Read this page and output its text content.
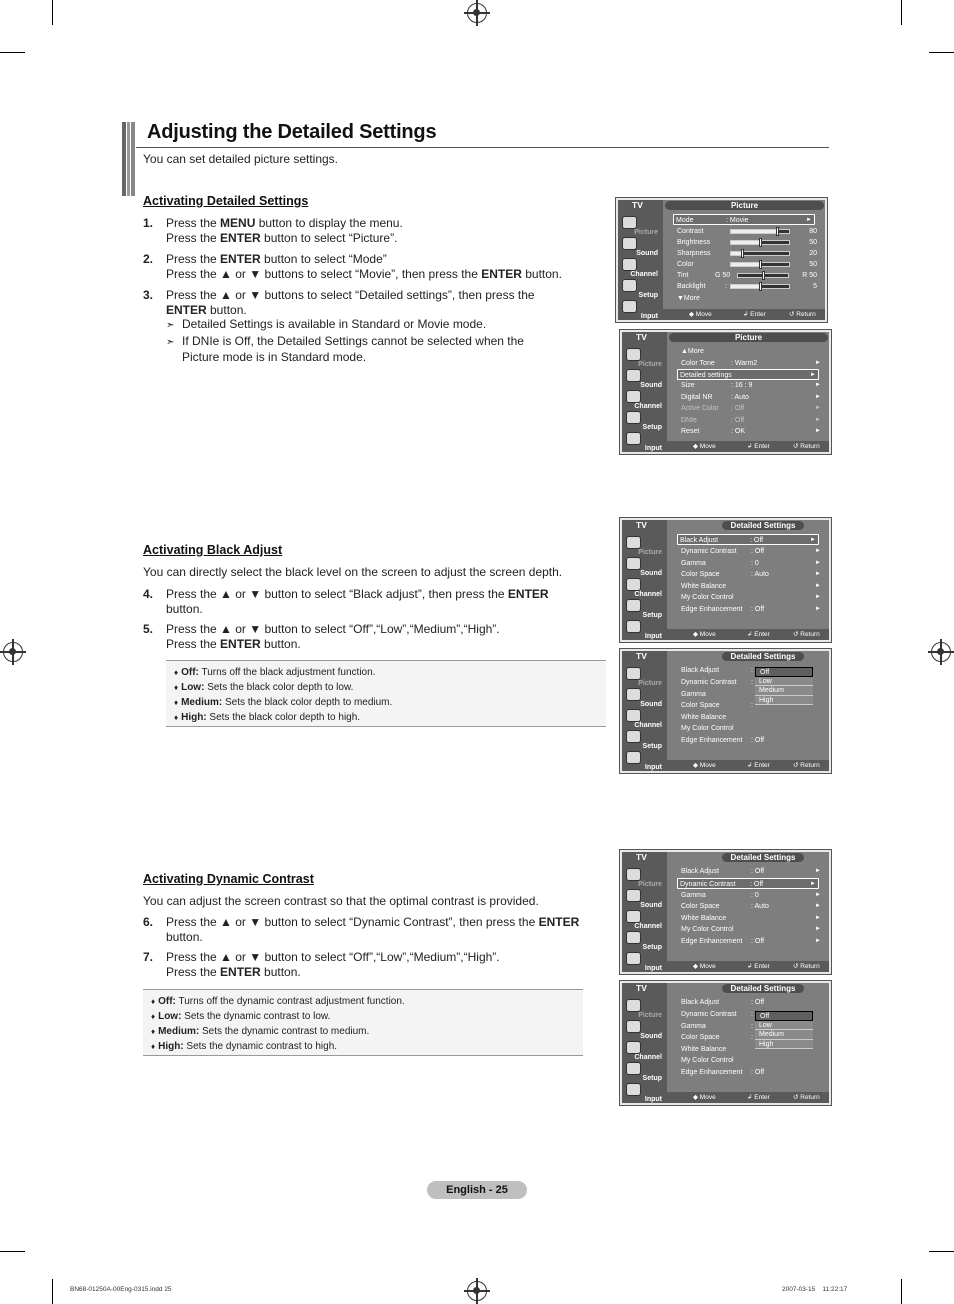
Adjusting the Detailed Settings
You can set detailed picture settings.
Activating Detailed Settings
1. Press the MENU button to display the menu.
Press the ENTER button to select “Picture”.
2. Press the ENTER button to select “Mode”
Press the ▲ or ▼ buttons to select “Movie”, then press the ENTER button.
3. Press the ▲ or ▼ buttons to select “Detailed settings”, then press the ENTER button.
➣ Detailed Settings is available in Standard or Movie mode.
➣ If DNIe is Off, the Detailed Settings cannot be selected when the Picture mode is in Standard mode.
Activating Black Adjust
You can directly select the black level on the screen to adjust the screen depth.
4. Press the ▲ or ▼ button to select “Black adjust”, then press the ENTER button.
5. Press the ▲ or ▼ button to select “Off”,“Low”,“Medium”,“High”.
Press the ENTER button.
♦ Off: Turns off the black adjustment function.
♦ Low: Sets the black color depth to low.
♦ Medium: Sets the black color depth to medium.
♦ High: Sets the black color depth to high.
Activating Dynamic Contrast
You can adjust the screen contrast so that the optimal contrast is provided.
6. Press the ▲ or ▼ button to select “Dynamic Contrast”, then press the ENTER button.
7. Press the ▲ or ▼ button to select “Off”,“Low”,“Medium”,“High”.
Press the ENTER button.
♦ Off: Turns off the dynamic contrast adjustment function.
♦ Low: Sets the dynamic contrast to low.
♦ Medium: Sets the dynamic contrast to medium.
♦ High: Sets the dynamic contrast to high.
TV	Picture
Picture
Sound
Channel
Setup
Input
Mode	: Movie	►
Contrast	80
Brightness	50
Sharpness	20
Color	50
Tint	G 50	R 50
Backlight	:	5
▼More
◆ Move	↲ Enter	↺ Return
TV	Picture
Picture
Sound
Channel
Setup
Input
▲More
Color Tone : Warm2	►
Detailed settings	►
Size	: 16 : 9	►
Digital NR	: Auto	►
Active Color : Off	►
DNIe	: Off	►
Reset	: OK	►
◆ Move	↲ Enter	↺ Return
TV	Detailed Settings
Picture
Sound
Channel
Setup
Input
Black Adjust	: Off	►
Dynamic Contrast : Off	►
Gamma	: 0	►
Color Space	: Auto	►
White Balance	►
My Color Control	►
Edge Enhancement : Off	►
◆ Move	↲ Enter	↺ Return
TV	Detailed Settings
Picture
Sound
Channel
Setup
Input
Black Adjust	:
Dynamic Contrast :
Gamma
Color Space	:
White Balance
My Color Control
Edge Enhancement : Off
Off
Low
Medium
High
◆ Move	↲ Enter	↺ Return
TV	Detailed Settings
Picture
Sound
Channel
Setup
Input
Black Adjust	: Off	►
Dynamic Contrast : Off	►
Gamma	: 0	►
Color Space	: Auto	►
White Balance	►
My Color Control	►
Edge Enhancement : Off	►
◆ Move	↲ Enter	↺ Return
TV	Detailed Settings
Picture
Sound
Channel
Setup
Input
Black Adjust	: Off
Dynamic Contrast :
Gamma	:
Color Space	:
White Balance
My Color Control
Edge Enhancement : Off
Off
Low
Medium
High
◆ Move	↲ Enter	↺ Return
English - 25
BN68-01250A-00Eng-0315.indd 25	2007-03-15    11:22:17
